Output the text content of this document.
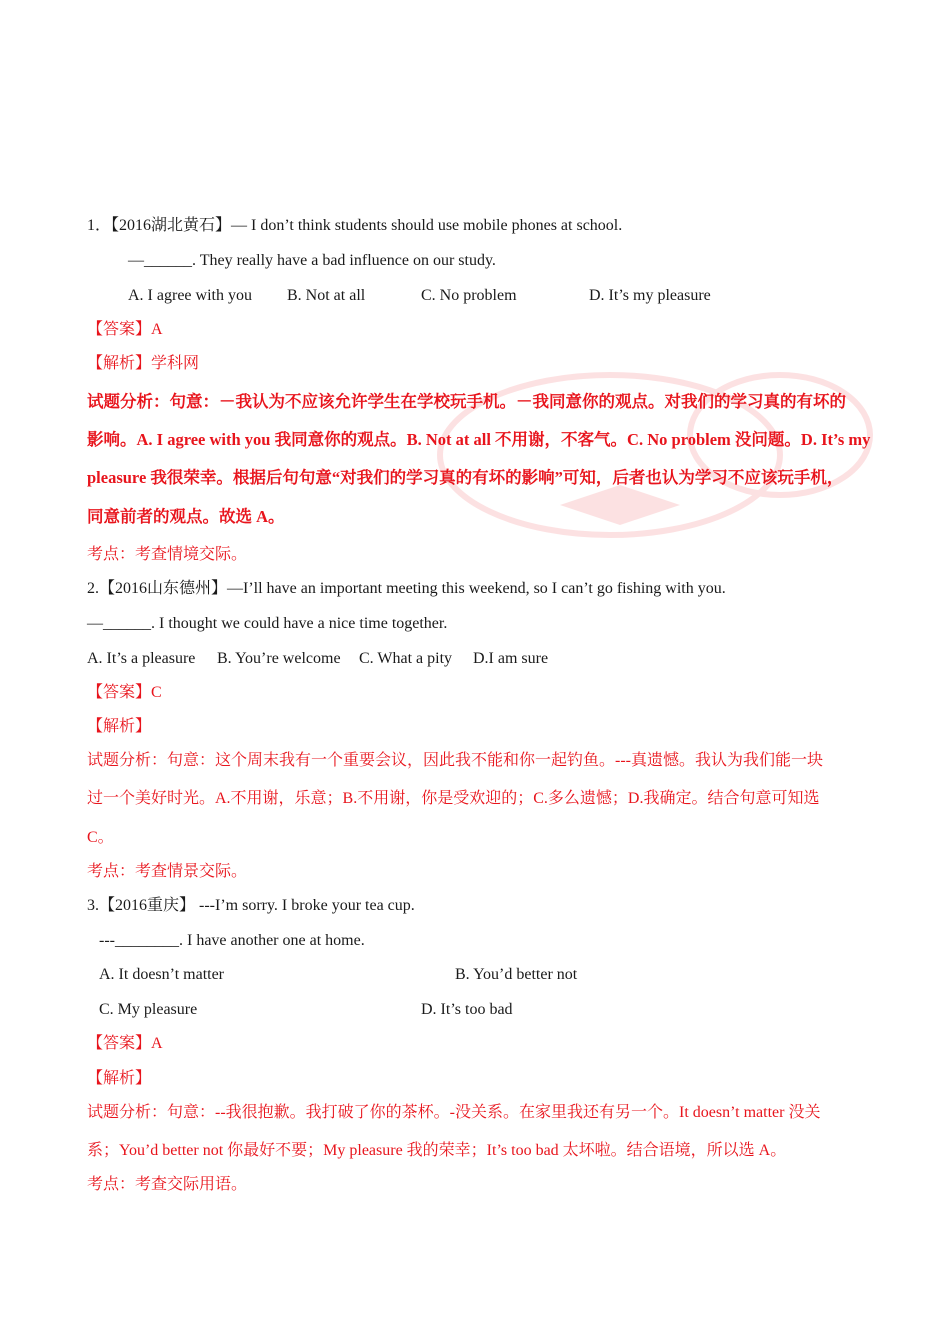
1．【2016湖北黄石】— I don’t think students should use mobile phones at school.
—______. They really have a bad influence on our study.
A. I agree with you B. Not at all	C. No problem	D. It’s my pleasure
【答案】A
【解析】学科网
试题分析：句意：－我认为不应该允许学生在学校玩手机。－我同意你的观点。对我们的学习真的有坏的
影响。A. I agree with you 我同意你的观点。B. Not at all 不用谢，不客气。C. No problem 没问题。D. It’s my
pleasure 我很荣幸。根据后句句意“对我们的学习真的有坏的影响”可知，后者也认为学习不应该玩手机，
同意前者的观点。故选 A。
考点：考查情境交际。
2.【2016山东德州】—I’ll have an important meeting this weekend, so I can’t go fishing with you.
—______. I thought we could have a nice time together.
A. It’s a pleasure B. You’re welcome C. What a pity D.I am sure
【答案】C
【解析】
试题分析：句意：这个周末我有一个重要会议，因此我不能和你一起钓鱼。---真遗憾。我认为我们能一块
过一个美好时光。A.不用谢，乐意；B.不用谢，你是受欢迎的；C.多么遗憾；D.我确定。结合句意可知选
C。
考点：考查情景交际。
3.【2016重庆】 ---I’m sorry. I broke your tea cup.
---________. I have another one at home.
A. It doesn’t matter	B. You’d better not
C. My pleasure	D. It’s too bad
【答案】A
【解析】
试题分析：句意：--我很抱歉。我打破了你的茶杯。-没关系。在家里我还有另一个。It doesn’t matter 没关
系；You’d better not 你最好不要；My pleasure 我的荣幸；It’s too bad 太坏啦。结合语境，所以选 A。
考点：考查交际用语。
